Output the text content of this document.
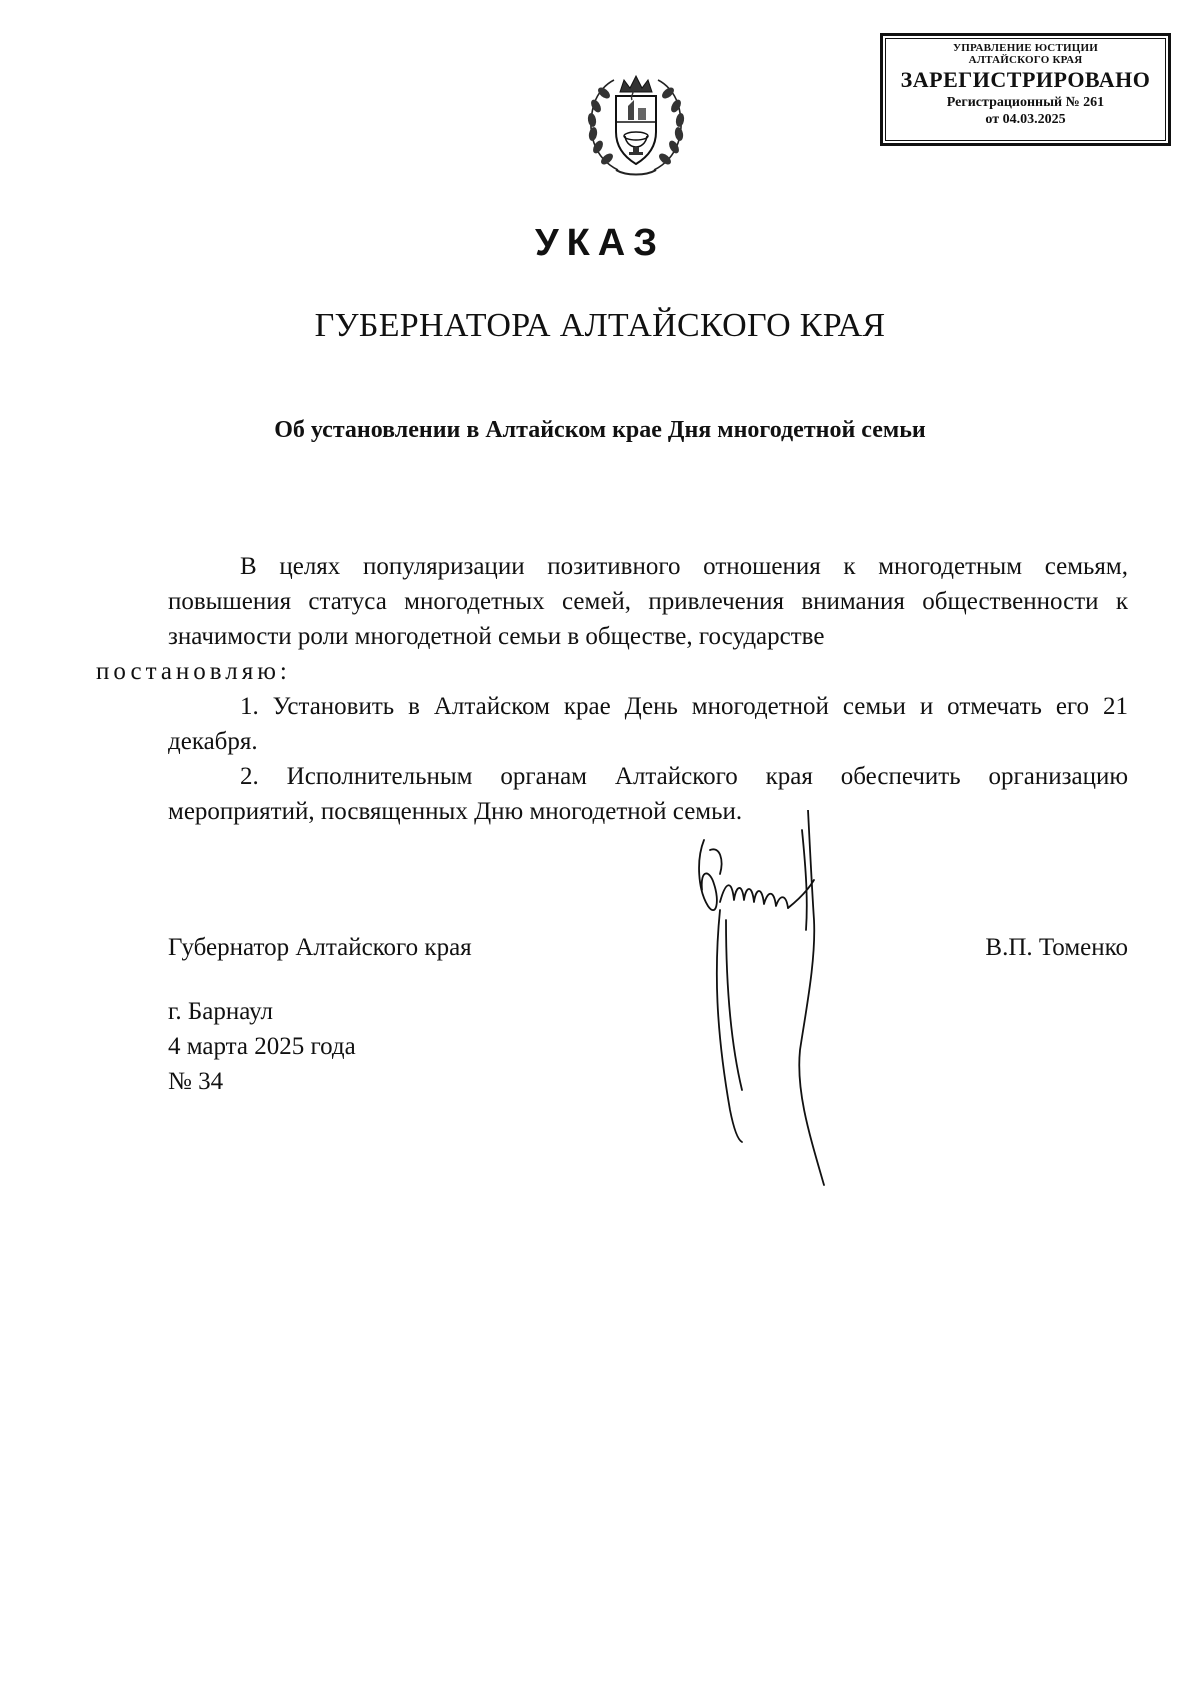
УПРАВЛЕНИЕ ЮСТИЦИИ
АЛТАЙСКОГО КРАЯ
ЗАРЕГИСТРИРОВАНО
Регистрационный № 261
от 04.03.2025
УКАЗ
ГУБЕРНАТОРА АЛТАЙСКОГО КРАЯ
Об установлении в Алтайском крае Дня многодетной семьи

В целях популяризации позитивного отношения к многодетным семьям, повышения статуса многодетных семей, привлечения внимания общественности к значимости роли многодетной семьи в обществе, государстве
постановляю:

1. Установить в Алтайском крае День многодетной семьи и отмечать его 21 декабря.

2. Исполнительным органам Алтайского края обеспечить организацию мероприятий, посвященных Дню многодетной семьи.

Губернатор Алтайского края	В.П. Томенко
г. Барнаул
4 марта 2025 года
№ 34
